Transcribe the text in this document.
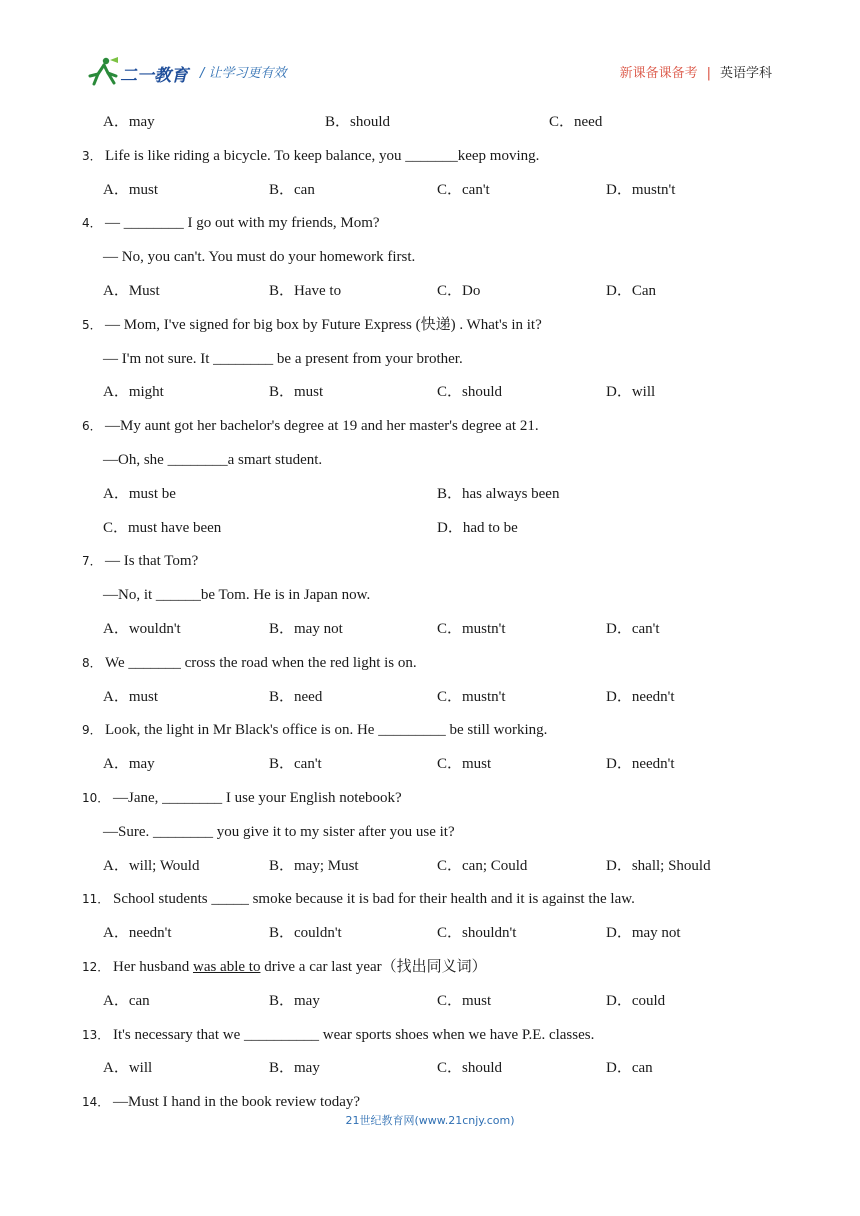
二一教育 / 让学习更有效	新课备课备考 | 英语学科
A．may	B．should	C．need
3． Life is like riding a bicycle. To keep balance, you _______keep moving.
A．must	B．can	C．can't	D．mustn't
4． — ________ I go out with my friends, Mom?
— No, you can't. You must do your homework first.
A．Must	B．Have to	C．Do	D．Can
5． — Mom, I've signed for big box by Future Express (快递) . What's in it?
— I'm not sure. It ________ be a present from your brother.
A．might	B．must	C．should	D．will
6． —My aunt got her bachelor's degree at 19 and her master's degree at 21.
—Oh, she ________a smart student.
A．must be	B．has always been
C．must have been	D．had to be
7． — Is that Tom?
—No, it ______be Tom. He is in Japan now.
A．wouldn't	B．may not	C．mustn't	D．can't
8． We _______ cross the road when the red light is on.
A．must	B．need	C．mustn't	D．needn't
9． Look, the light in Mr Black's office is on. He _________ be still working.
A．may	B．can't	C．must	D．needn't
10． —Jane, ________ I use your English notebook?
—Sure. ________ you give it to my sister after you use it?
A．will; Would	B．may; Must	C．can; Could	D．shall; Should
11． School students _____ smoke because it is bad for their health and it is against the law.
A．needn't	B．couldn't	C．shouldn't	D．may not
12． Her husband was able to drive a car last year（找出同义词）
A．can	B．may	C．must	D．could
13． It's necessary that we __________ wear sports shoes when we have P.E. classes.
A．will	B．may	C．should	D．can
14． —Must I hand in the book review today?
21世纪教育网(www.21cnjy.com)
